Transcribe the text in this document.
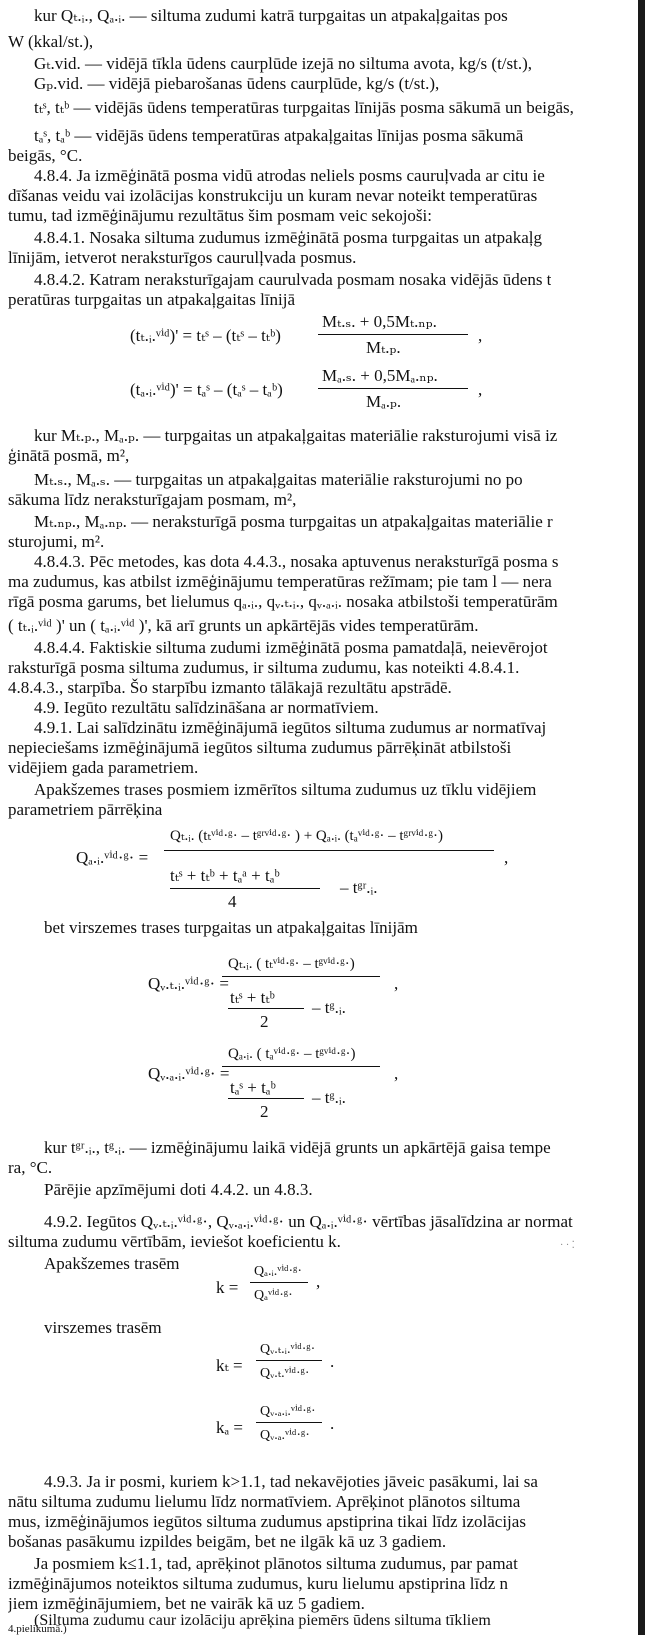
kur Qₜ.ᵢ., Qₐ.ᵢ. — siltuma zudumi katrā turpgaitas un atpakaļgaitas pos
W (kkal/st.),
Gₜ.vid. — vidējā tīkla ūdens caurplūde izejā no siltuma avota, kg/s (t/st.),
Gₚ.vid. — vidējā piebarošanas ūdens caurplūde, kg/s (t/st.),
tₜˢ, tₜᵇ — vidējās ūdens temperatūras turpgaitas līnijās posma sākumā un beigās,
tₐˢ, tₐᵇ — vidējās ūdens temperatūras atpakaļgaitas līnijas posma sākumā
beigās, °C.
4.8.4. Ja izmēģinātā posma vidū atrodas neliels posms cauruļvada ar citu ie
dīšanas veidu vai izolācijas konstrukciju un kuram nevar noteikt temperatūras
tumu, tad izmēģinājumu rezultātus šim posmam veic sekojoši:
4.8.4.1. Nosaka siltuma zudumus izmēģinātā posma turpgaitas un atpakaļg
līnijām, ietverot neraksturīgos caurulļvada posmus.
4.8.4.2. Katram neraksturīgajam caurulvada posmam nosaka vidējās ūdens t
peratūras turpgaitas un atpakaļgaitas līnijā
(tₜ.ᵢ.ᵛⁱᵈ)' = tₜˢ – (tₜˢ – tₜᵇ)
Mₜ.ₛ. + 0,5Mₜ.ₙₚ.
Mₜ.ₚ.
,
(tₐ.ᵢ.ᵛⁱᵈ)' = tₐˢ – (tₐˢ – tₐᵇ)
Mₐ.ₛ. + 0,5Mₐ.ₙₚ.
Mₐ.ₚ.
,
kur Mₜ.ₚ., Mₐ.ₚ. — turpgaitas un atpakaļgaitas materiālie raksturojumi visā iz
ģinātā posmā, m²,
Mₜ.ₛ., Mₐ.ₛ. — turpgaitas un atpakaļgaitas materiālie raksturojumi no po
sākuma līdz neraksturīgajam posmam, m²,
Mₜ.ₙₚ., Mₐ.ₙₚ. — neraksturīgā posma turpgaitas un atpakaļgaitas materiālie r
sturojumi, m².
4.8.4.3. Pēc metodes, kas dota 4.4.3., nosaka aptuvenus neraksturīgā posma s
ma zudumus, kas atbilst izmēģinājumu temperatūras režīmam; pie tam l — nera
rīgā posma garums, bet lielumus qₐ.ᵢ., qᵥ.ₜ.ᵢ., qᵥ.ₐ.ᵢ. nosaka atbilstoši temperatūrām
( tₜ.ᵢ.ᵛⁱᵈ )' un ( tₐ.ᵢ.ᵛⁱᵈ )', kā arī grunts un apkārtējās vides temperatūrām.
4.8.4.4. Faktiskie siltuma zudumi izmēģinātā posma pamatdaļā, neievērojot
raksturīgā posma siltuma zudumus, ir siltuma zudumu, kas noteikti 4.8.4.1.
4.8.4.3., starpība. Šo starpību izmanto tālākajā rezultātu apstrādē.
4.9. Iegūto rezultātu salīdzināšana ar normatīviem.
4.9.1. Lai salīdzinātu izmēģinājumā iegūtos siltuma zudumus ar normatīvaj
nepieciešams izmēģinājumā iegūtos siltuma zudumus pārrēķināt atbilstoši
vidējiem gada parametriem.
Apakšzemes trases posmiem izmērītos siltuma zudumus uz tīklu vidējiem
parametriem pārrēķina
Qₐ.ᵢ.ᵛⁱᵈ·ᵍ· =
Qₜ.ᵢ. (tₜᵛⁱᵈ·ᵍ· – tᵍʳᵛⁱᵈ·ᵍ· ) + Qₐ.ᵢ. (tₐᵛⁱᵈ·ᵍ· – tᵍʳᵛⁱᵈ·ᵍ·)
tₜˢ + tₜᵇ + tₐᵃ + tₐᵇ
4
– tᵍʳ.ᵢ.
,
bet virszemes trases turpgaitas un atpakaļgaitas līnijām
Qᵥ.ₜ.ᵢ.ᵛⁱᵈ·ᵍ· =
Qₜ.ᵢ. ( tₜᵛⁱᵈ·ᵍ· – tᵍᵛⁱᵈ·ᵍ·)
tₜˢ + tₜᵇ
2
– tᵍ.ᵢ.
,
Qᵥ.ₐ.ᵢ.ᵛⁱᵈ·ᵍ· =
Qₐ.ᵢ. ( tₐᵛⁱᵈ·ᵍ· – tᵍᵛⁱᵈ·ᵍ·)
tₐˢ + tₐᵇ
2
– tᵍ.ᵢ.
,
kur tᵍʳ.ᵢ., tᵍ.ᵢ. — izmēģinājumu laikā vidējā grunts un apkārtējā gaisa tempe
ra, °C.
Pārējie apzīmējumi doti 4.4.2. un 4.8.3.
4.9.2. Iegūtos Qᵥ.ₜ.ᵢ.ᵛⁱᵈ·ᵍ·, Qᵥ.ₐ.ᵢ.ᵛⁱᵈ·ᵍ· un Qₐ.ᵢ.ᵛⁱᵈ·ᵍ· vērtības jāsalīdzina ar normat
siltuma zudumu vērtībām, ieviešot koeficientu k.
Apakšzemes trasēm
k =
Qₐ.ᵢ.ᵛⁱᵈ·ᵍ·
Qₐᵛⁱᵈ·ᵍ·
,
virszemes trasēm
kₜ =
Qᵥ.ₜ.ᵢ.ᵛⁱᵈ·ᵍ·
Qᵥ.ₜ.ᵛⁱᵈ·ᵍ·
.
kₐ =
Qᵥ.ₐ.ᵢ.ᵛⁱᵈ·ᵍ·
Qᵥ.ₐ.ᵛⁱᵈ·ᵍ·
.
4.9.3. Ja ir posmi, kuriem k>1.1, tad nekavējoties jāveic pasākumi, lai sa
nātu siltuma zudumu lielumu līdz normatīviem. Aprēķinot plānotos siltuma
mus, izmēģinājumos iegūtos siltuma zudumus apstiprina tikai līdz izolācijas
bošanas pasākumu izpildes beigām, bet ne ilgāk kā uz 3 gadiem.
Ja posmiem k≤1.1, tad, aprēķinot plānotos siltuma zudumus, par pamat
izmēģinājumos noteiktos siltuma zudumus, kuru lielumu apstiprina līdz n
jiem izmēģinājumiem, bet ne vairāk kā uz 5 gadiem.
(Siltuma zudumu caur izolāciju aprēķina piemērs ūdens siltuma tīkliem
4.pielikumā.)
· · ⁚
